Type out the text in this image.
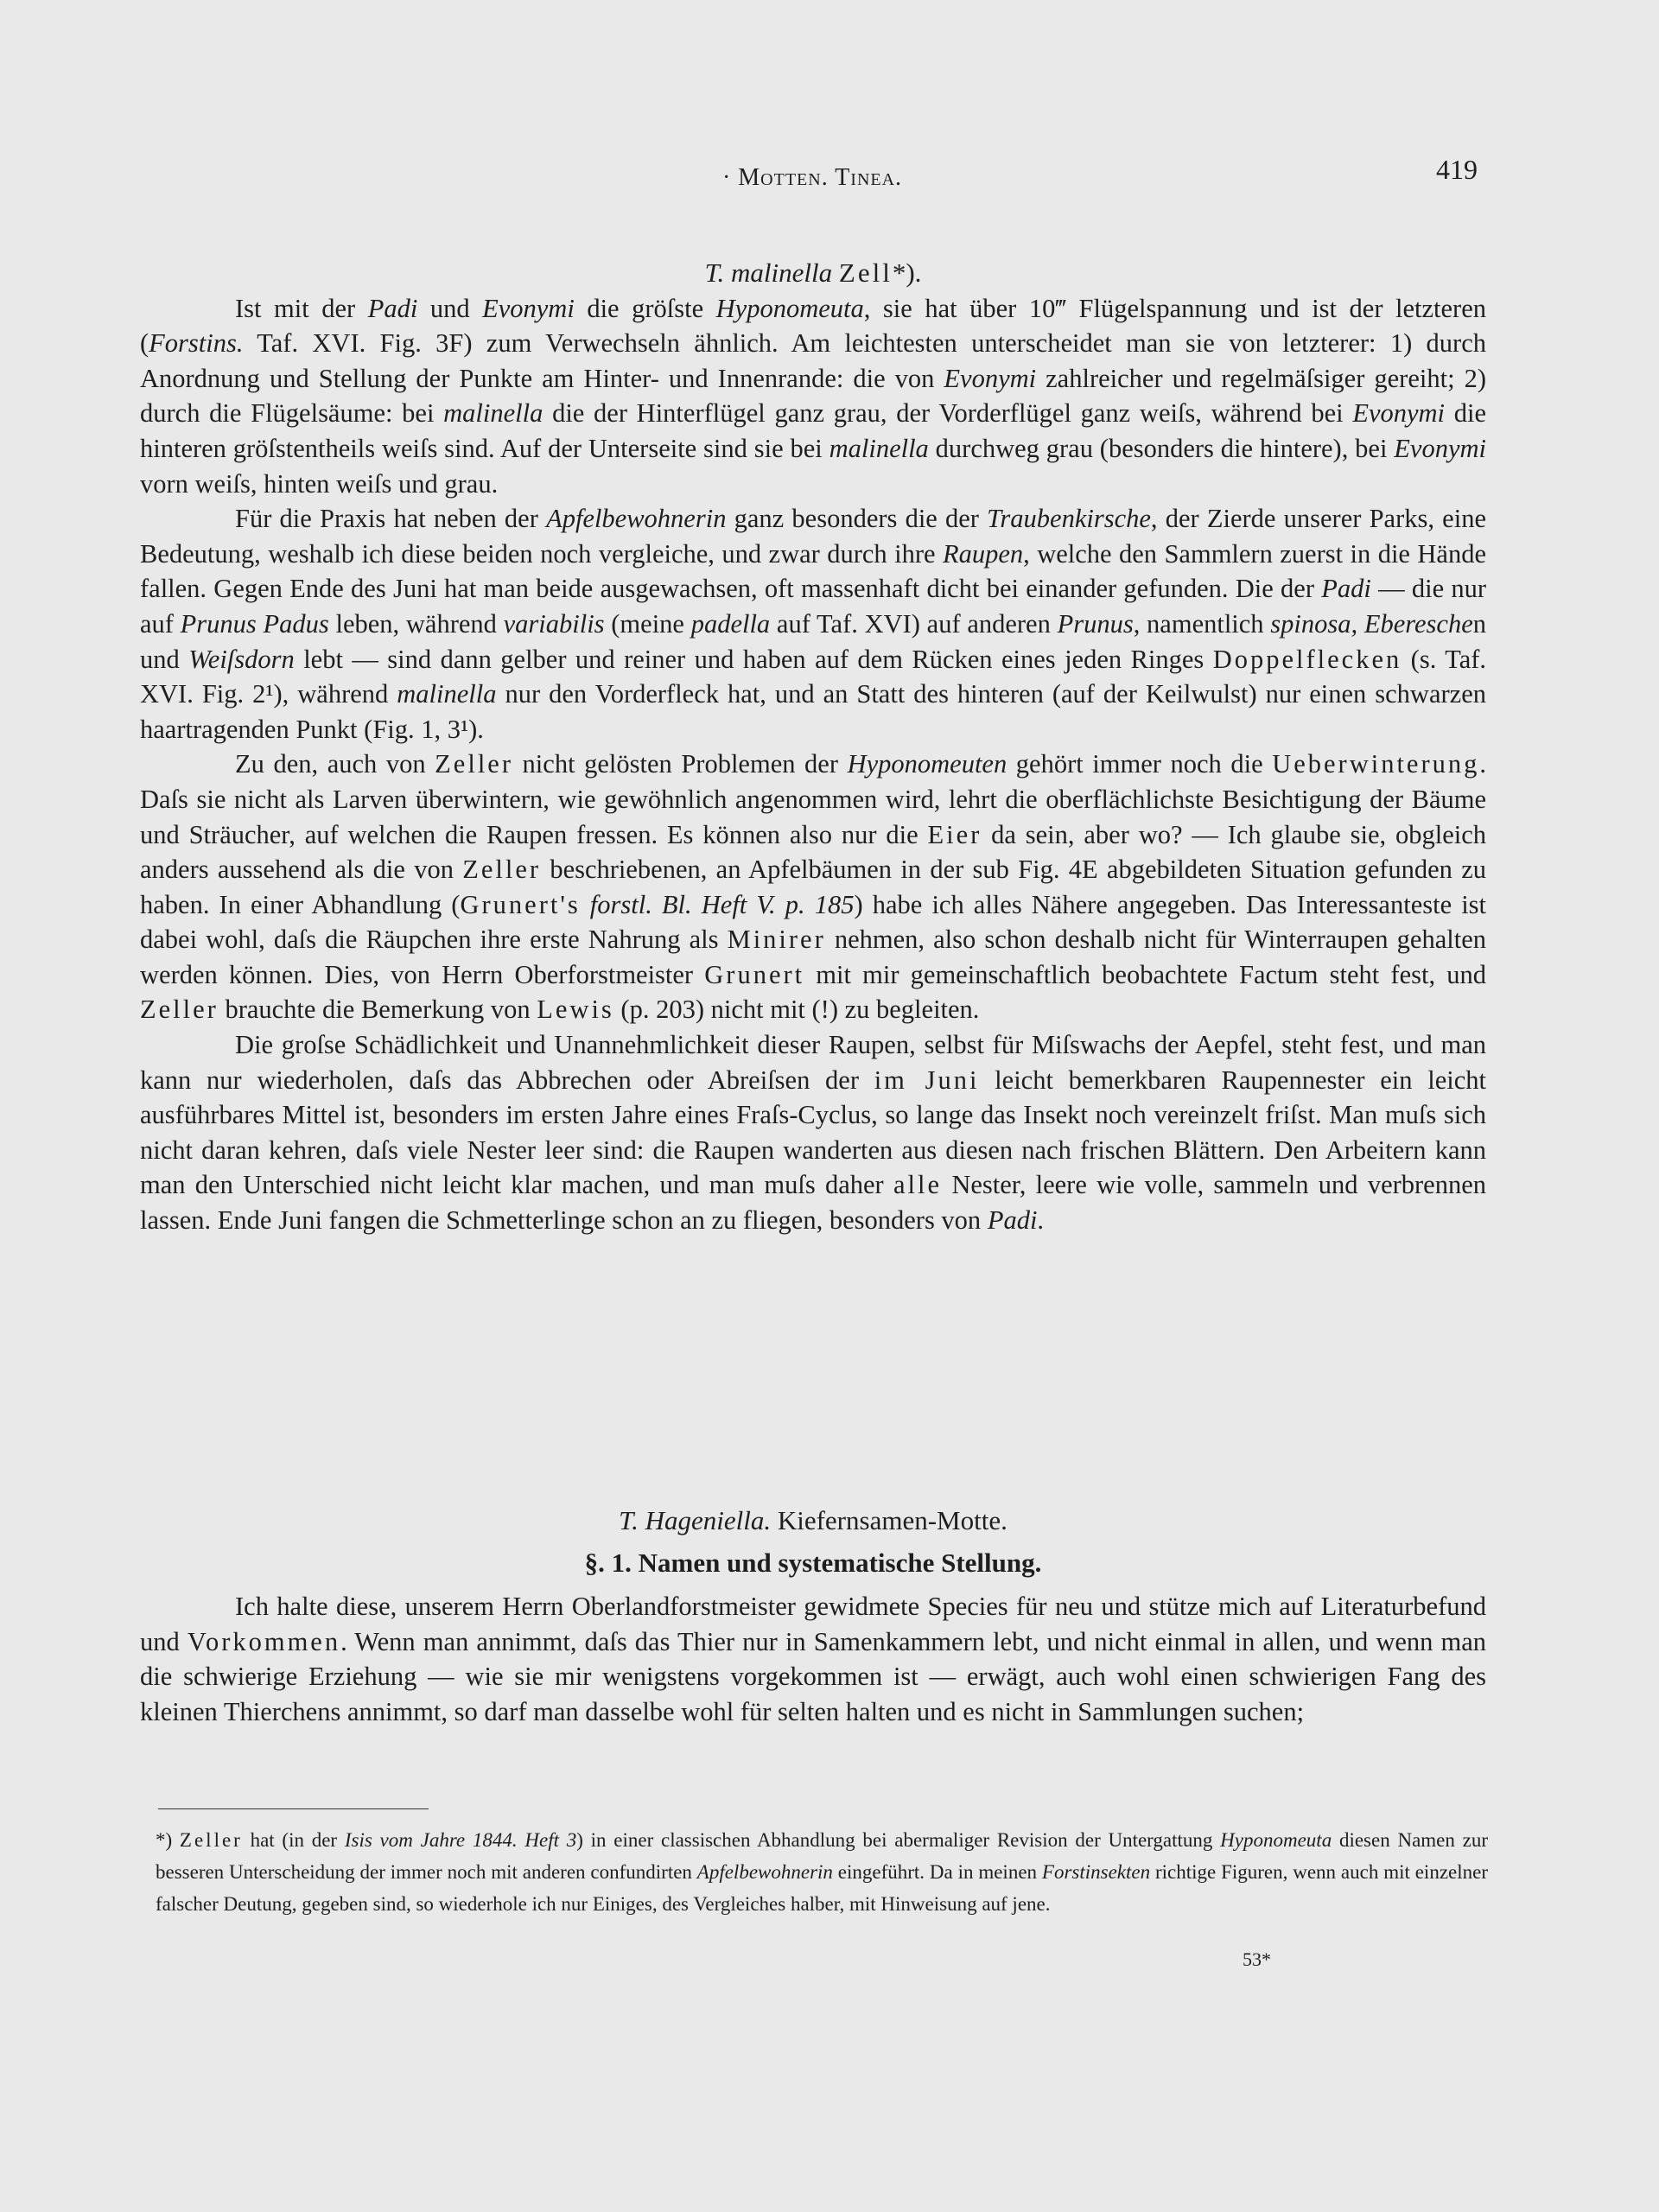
· Motten. Tinea.	419
T. malinella Zell*).

Ist mit der Padi und Evonymi die gröſste Hyponomeuta, sie hat über 10‴ Flügelspannung und ist der letzteren (Forstins. Taf. XVI. Fig. 3F) zum Verwechseln ähnlich. Am leichtesten unterscheidet man sie von letzterer: 1) durch Anordnung und Stellung der Punkte am Hinter- und Innenrande: die von Evonymi zahlreicher und regelmäſsiger gereiht; 2) durch die Flügelsäume: bei malinella die der Hinterflügel ganz grau, der Vorderflügel ganz weiſs, während bei Evonymi die hinteren gröſstentheils weiſs sind. Auf der Unterseite sind sie bei malinella durchweg grau (besonders die hintere), bei Evonymi vorn weiſs, hinten weiſs und grau.

Für die Praxis hat neben der Apfelbewohnerin ganz besonders die der Traubenkirsche, der Zierde unserer Parks, eine Bedeutung, weshalb ich diese beiden noch vergleiche, und zwar durch ihre Raupen, welche den Sammlern zuerst in die Hände fallen. Gegen Ende des Juni hat man beide ausgewachsen, oft massenhaft dicht bei einander gefunden. Die der Padi — die nur auf Prunus Padus leben, während variabilis (meine padella auf Taf. XVI) auf anderen Prunus, namentlich spinosa, Ebereschen und Weiſsdorn lebt — sind dann gelber und reiner und haben auf dem Rücken eines jeden Ringes Doppelflecken (s. Taf. XVI. Fig. 2¹), während malinella nur den Vorderfleck hat, und an Statt des hinteren (auf der Keilwulst) nur einen schwarzen haartragenden Punkt (Fig. 1, 3¹).

Zu den, auch von Zeller nicht gelösten Problemen der Hyponomeuten gehört immer noch die Ueberwinterung. Daſs sie nicht als Larven überwintern, wie gewöhnlich angenommen wird, lehrt die oberflächlichste Besichtigung der Bäume und Sträucher, auf welchen die Raupen fressen. Es können also nur die Eier da sein, aber wo? — Ich glaube sie, obgleich anders aussehend als die von Zeller beschriebenen, an Apfelbäumen in der sub Fig. 4E abgebildeten Situation gefunden zu haben. In einer Abhandlung (Grunert's forstl. Bl. Heft V. p. 185) habe ich alles Nähere angegeben. Das Interessanteste ist dabei wohl, daſs die Räupchen ihre erste Nahrung als Minirer nehmen, also schon deshalb nicht für Winterraupen gehalten werden können. Dies, von Herrn Oberforstmeister Grunert mit mir gemeinschaftlich beobachtete Factum steht fest, und Zeller brauchte die Bemerkung von Lewis (p. 203) nicht mit (!) zu begleiten.

Die groſse Schädlichkeit und Unannehmlichkeit dieser Raupen, selbst für Miſswachs der Aepfel, steht fest, und man kann nur wiederholen, daſs das Abbrechen oder Abreiſsen der im Juni leicht bemerkbaren Raupennester ein leicht ausführbares Mittel ist, besonders im ersten Jahre eines Fraſs-Cyclus, so lange das Insekt noch vereinzelt friſst. Man muſs sich nicht daran kehren, daſs viele Nester leer sind: die Raupen wanderten aus diesen nach frischen Blättern. Den Arbeitern kann man den Unterschied nicht leicht klar machen, und man muſs daher alle Nester, leere wie volle, sammeln und verbrennen lassen. Ende Juni fangen die Schmetterlinge schon an zu fliegen, besonders von Padi.

T. Hageniella. Kiefernsamen-Motte.
§. 1. Namen und systematische Stellung.

Ich halte diese, unserem Herrn Oberlandforstmeister gewidmete Species für neu und stütze mich auf Literaturbefund und Vorkommen. Wenn man annimmt, daſs das Thier nur in Samenkammern lebt, und nicht einmal in allen, und wenn man die schwierige Erziehung — wie sie mir wenigstens vorgekommen ist — erwägt, auch wohl einen schwierigen Fang des kleinen Thierchens annimmt, so darf man dasselbe wohl für selten halten und es nicht in Sammlungen suchen;

*) Zeller hat (in der Isis vom Jahre 1844. Heft 3) in einer classischen Abhandlung bei abermaliger Revision der Untergattung Hyponomeuta diesen Namen zur besseren Unterscheidung der immer noch mit anderen confundirten Apfelbewohnerin eingeführt. Da in meinen Forstinsekten richtige Figuren, wenn auch mit einzelner falscher Deutung, gegeben sind, so wiederhole ich nur Einiges, des Vergleiches halber, mit Hinweisung auf jene.
53*
